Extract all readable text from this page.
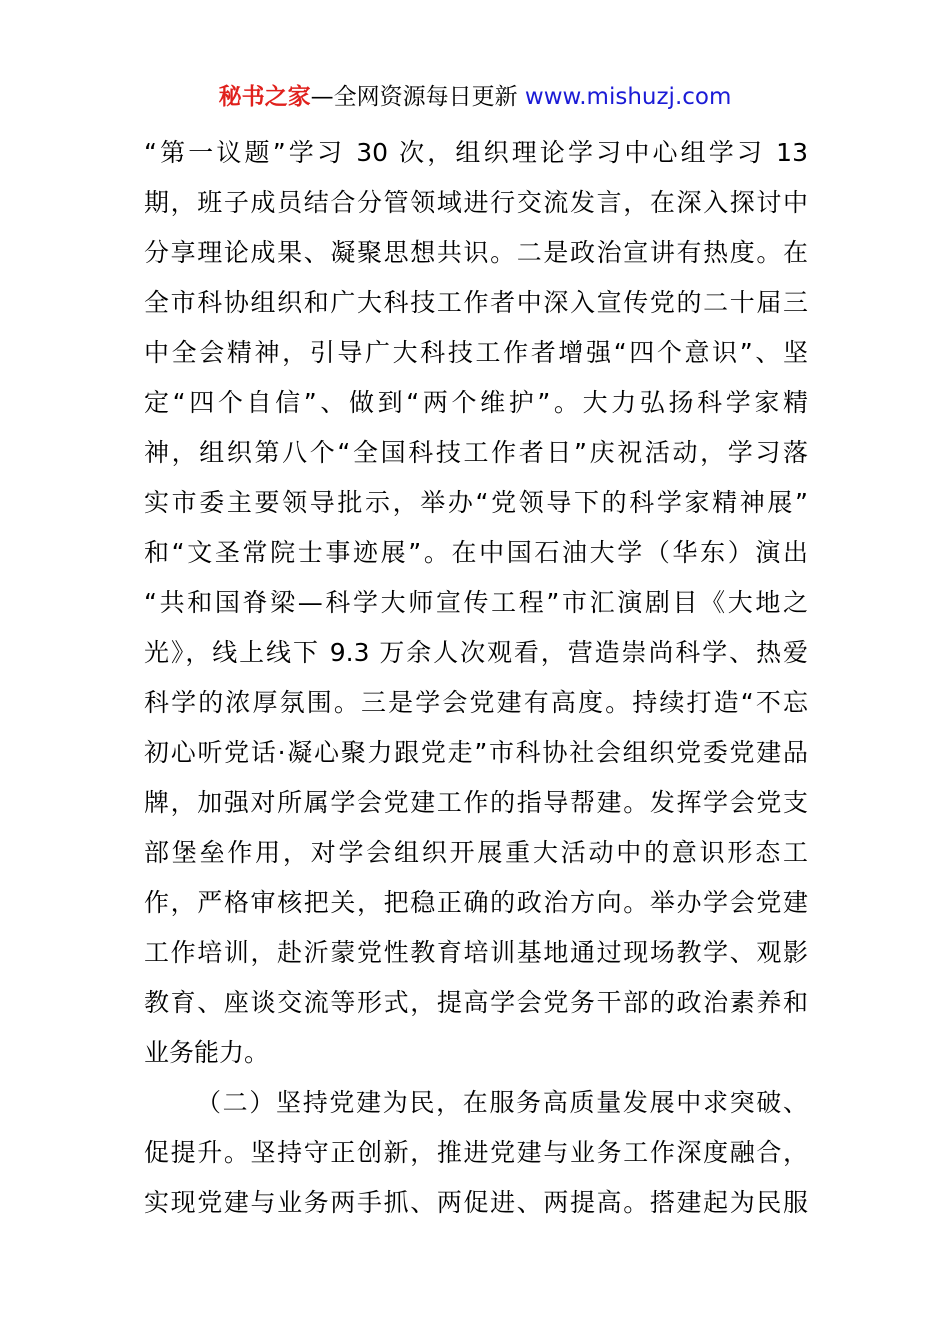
秘书之家—全网资源每日更新 www.mishuzj.com
“第一议题”学习 30 次，组织理论学习中心组学习 13
期，班子成员结合分管领域进行交流发言，在深入探讨中
分享理论成果、凝聚思想共识。二是政治宣讲有热度。在
全市科协组织和广大科技工作者中深入宣传党的二十届三
中全会精神，引导广大科技工作者增强“四个意识”、坚
定“四个自信”、做到“两个维护”。大力弘扬科学家精
神，组织第八个“全国科技工作者日”庆祝活动，学习落
实市委主要领导批示，举办“党领导下的科学家精神展”
和“文圣常院士事迹展”。在中国石油大学（华东）演出
“共和国脊梁—科学大师宣传工程”市汇演剧目《大地之
光》，线上线下 9.3 万余人次观看，营造崇尚科学、热爱
科学的浓厚氛围。三是学会党建有高度。持续打造“不忘
初心听党话·凝心聚力跟党走”市科协社会组织党委党建品
牌，加强对所属学会党建工作的指导帮建。发挥学会党支
部堡垒作用，对学会组织开展重大活动中的意识形态工
作，严格审核把关，把稳正确的政治方向。举办学会党建
工作培训，赴沂蒙党性教育培训基地通过现场教学、观影
教育、座谈交流等形式，提高学会党务干部的政治素养和
业务能力。
（二）坚持党建为民，在服务高质量发展中求突破、
促提升。坚持守正创新，推进党建与业务工作深度融合，
实现党建与业务两手抓、两促进、两提高。搭建起为民服
